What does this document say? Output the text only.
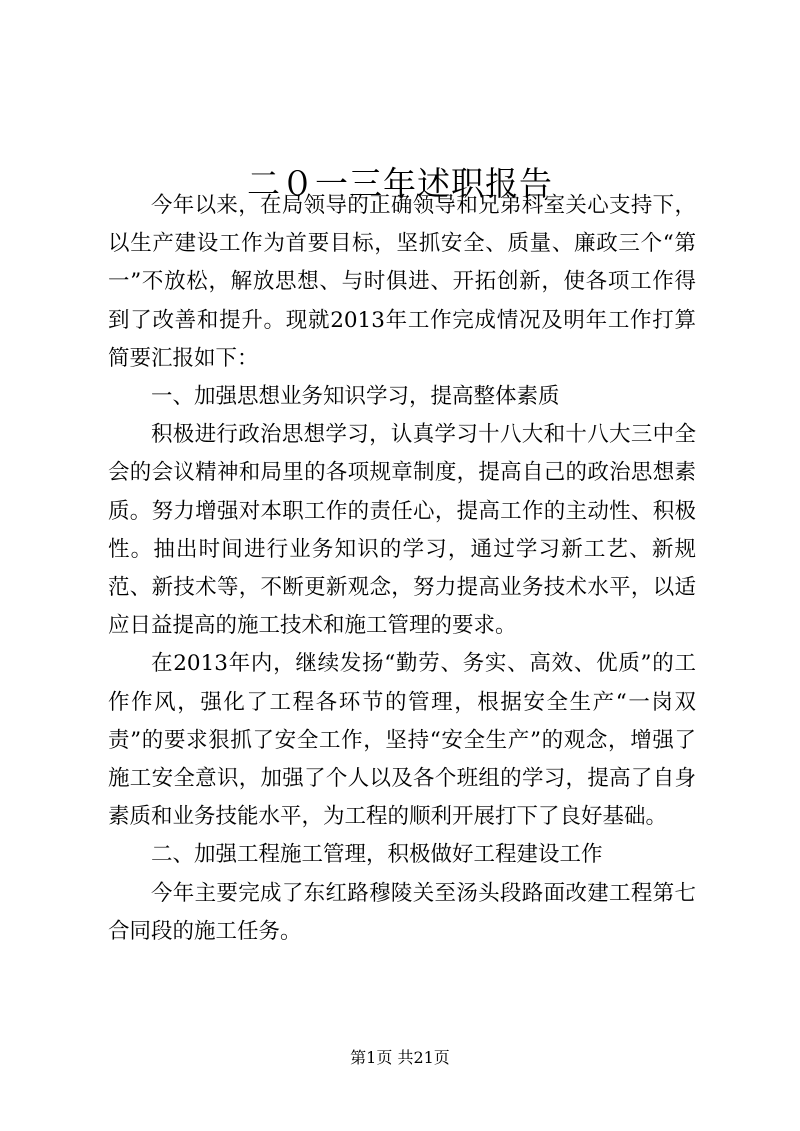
二０一三年述职报告

今年以来，在局领导的正确领导和兄弟科室关心支持下，以生产建设工作为首要目标，坚抓安全、质量、廉政三个“第一”不放松，解放思想、与时俱进、开拓创新，使各项工作得到了改善和提升。现就2013年工作完成情况及明年工作打算简要汇报如下：

一、加强思想业务知识学习，提高整体素质

积极进行政治思想学习，认真学习十八大和十八大三中全会的会议精神和局里的各项规章制度，提高自己的政治思想素质。努力增强对本职工作的责任心，提高工作的主动性、积极性。抽出时间进行业务知识的学习，通过学习新工艺、新规范、新技术等，不断更新观念，努力提高业务技术水平，以适应日益提高的施工技术和施工管理的要求。

在2013年内，继续发扬“勤劳、务实、高效、优质”的工作作风，强化了工程各环节的管理，根据安全生产“一岗双责”的要求狠抓了安全工作，坚持“安全生产”的观念，增强了施工安全意识，加强了个人以及各个班组的学习，提高了自身素质和业务技能水平，为工程的顺利开展打下了良好基础。

二、加强工程施工管理，积极做好工程建设工作

今年主要完成了东红路穆陵关至汤头段路面改建工程第七合同段的施工任务。

第1页 共21页
